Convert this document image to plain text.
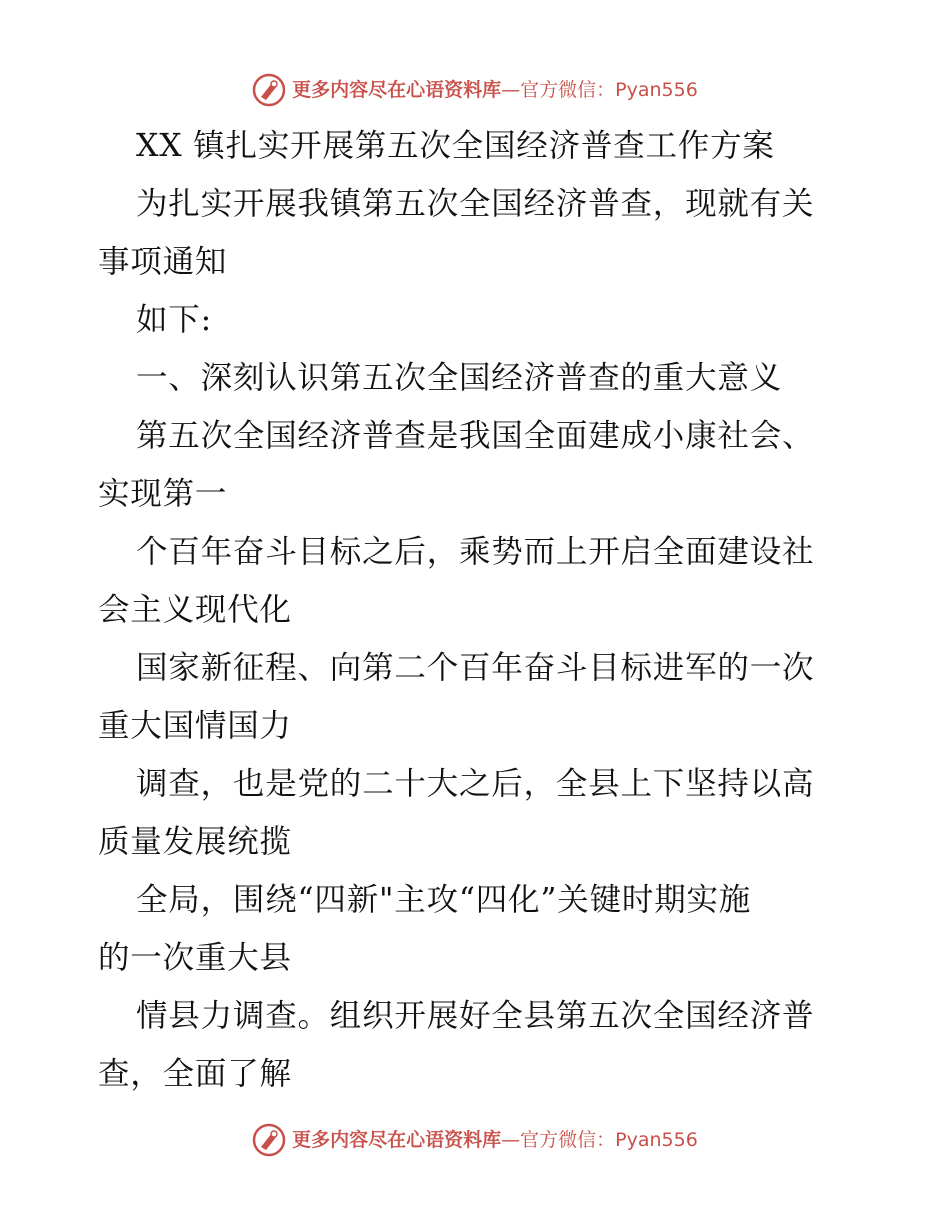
更多内容尽在心语资料库—官方微信：Pyan556
XX 镇扎实开展第五次全国经济普查工作方案
为扎实开展我镇第五次全国经济普查，现就有关
事项通知
如下:
一、深刻认识第五次全国经济普查的重大意义
第五次全国经济普查是我国全面建成小康社会、
实现第一
个百年奋斗目标之后，乘势而上开启全面建设社
会主义现代化
国家新征程、向第二个百年奋斗目标进军的一次
重大国情国力
调查，也是党的二十大之后，全县上下坚持以高
质量发展统揽
全局，围绕“四新"主攻“四化”关键时期实施
的一次重大县
情县力调查。组织开展好全县第五次全国经济普
查，全面了解
更多内容尽在心语资料库—官方微信：Pyan556
